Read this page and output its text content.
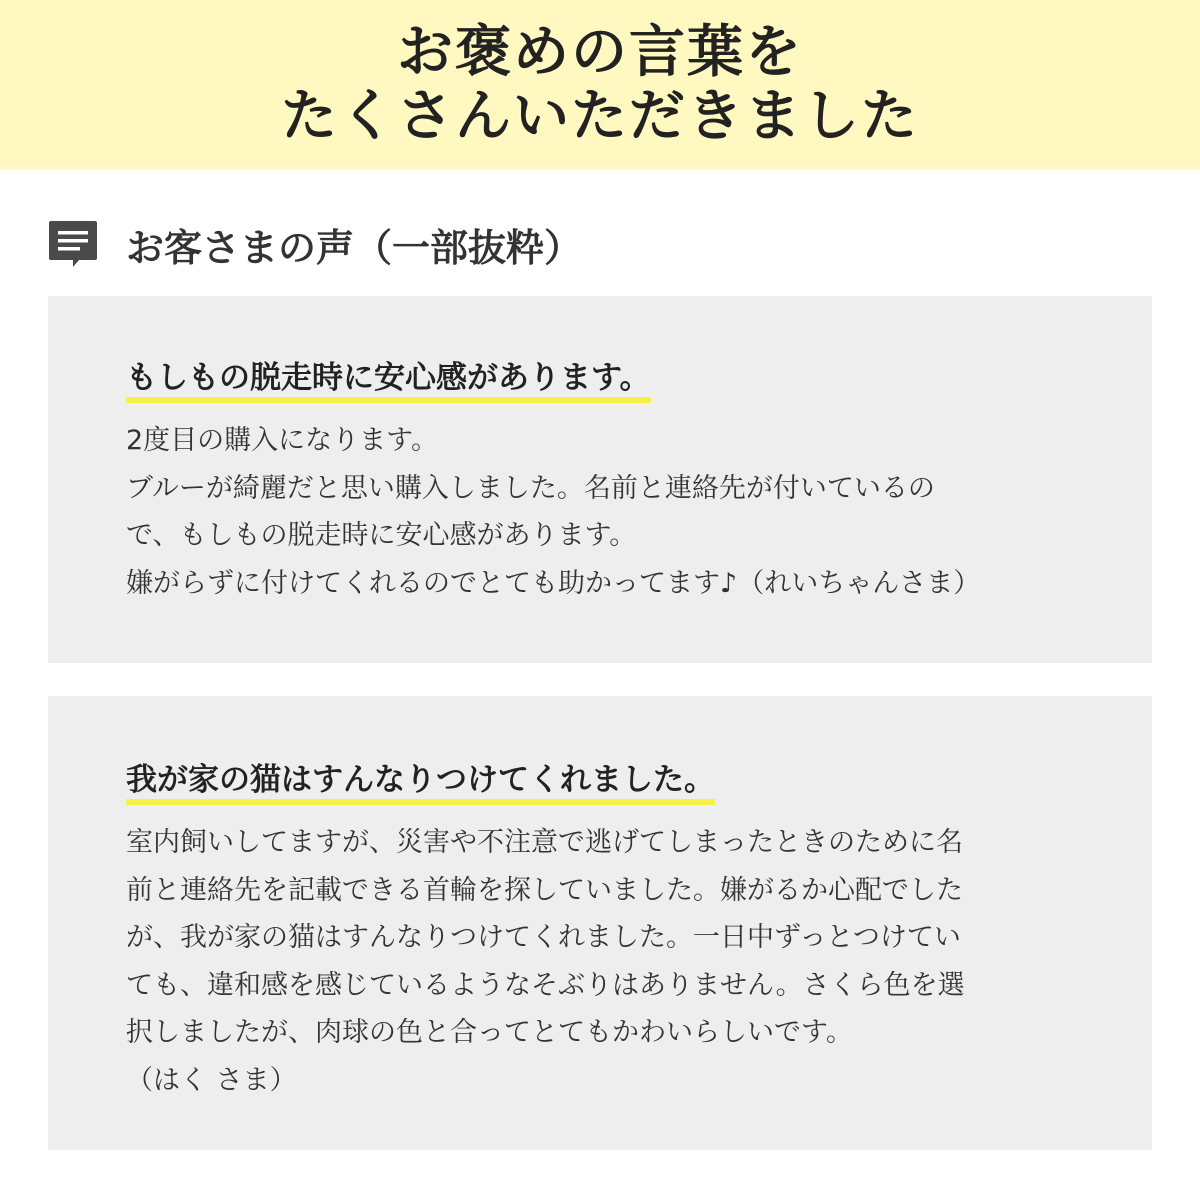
お褒めの言葉を
たくさんいただきました
お客さまの声（一部抜粋）
もしもの脱走時に安心感があります。
2度目の購入になります。
ブルーが綺麗だと思い購入しました。名前と連絡先が付いているの
で、もしもの脱走時に安心感があります。
嫌がらずに付けてくれるのでとても助かってます♪（れいちゃんさま）
我が家の猫はすんなりつけてくれました。
室内飼いしてますが、災害や不注意で逃げてしまったときのために名
前と連絡先を記載できる首輪を探していました。嫌がるか心配でした
が、我が家の猫はすんなりつけてくれました。一日中ずっとつけてい
ても、違和感を感じているようなそぶりはありません。さくら色を選
択しましたが、肉球の色と合ってとてもかわいらしいです。
（はく さま）
